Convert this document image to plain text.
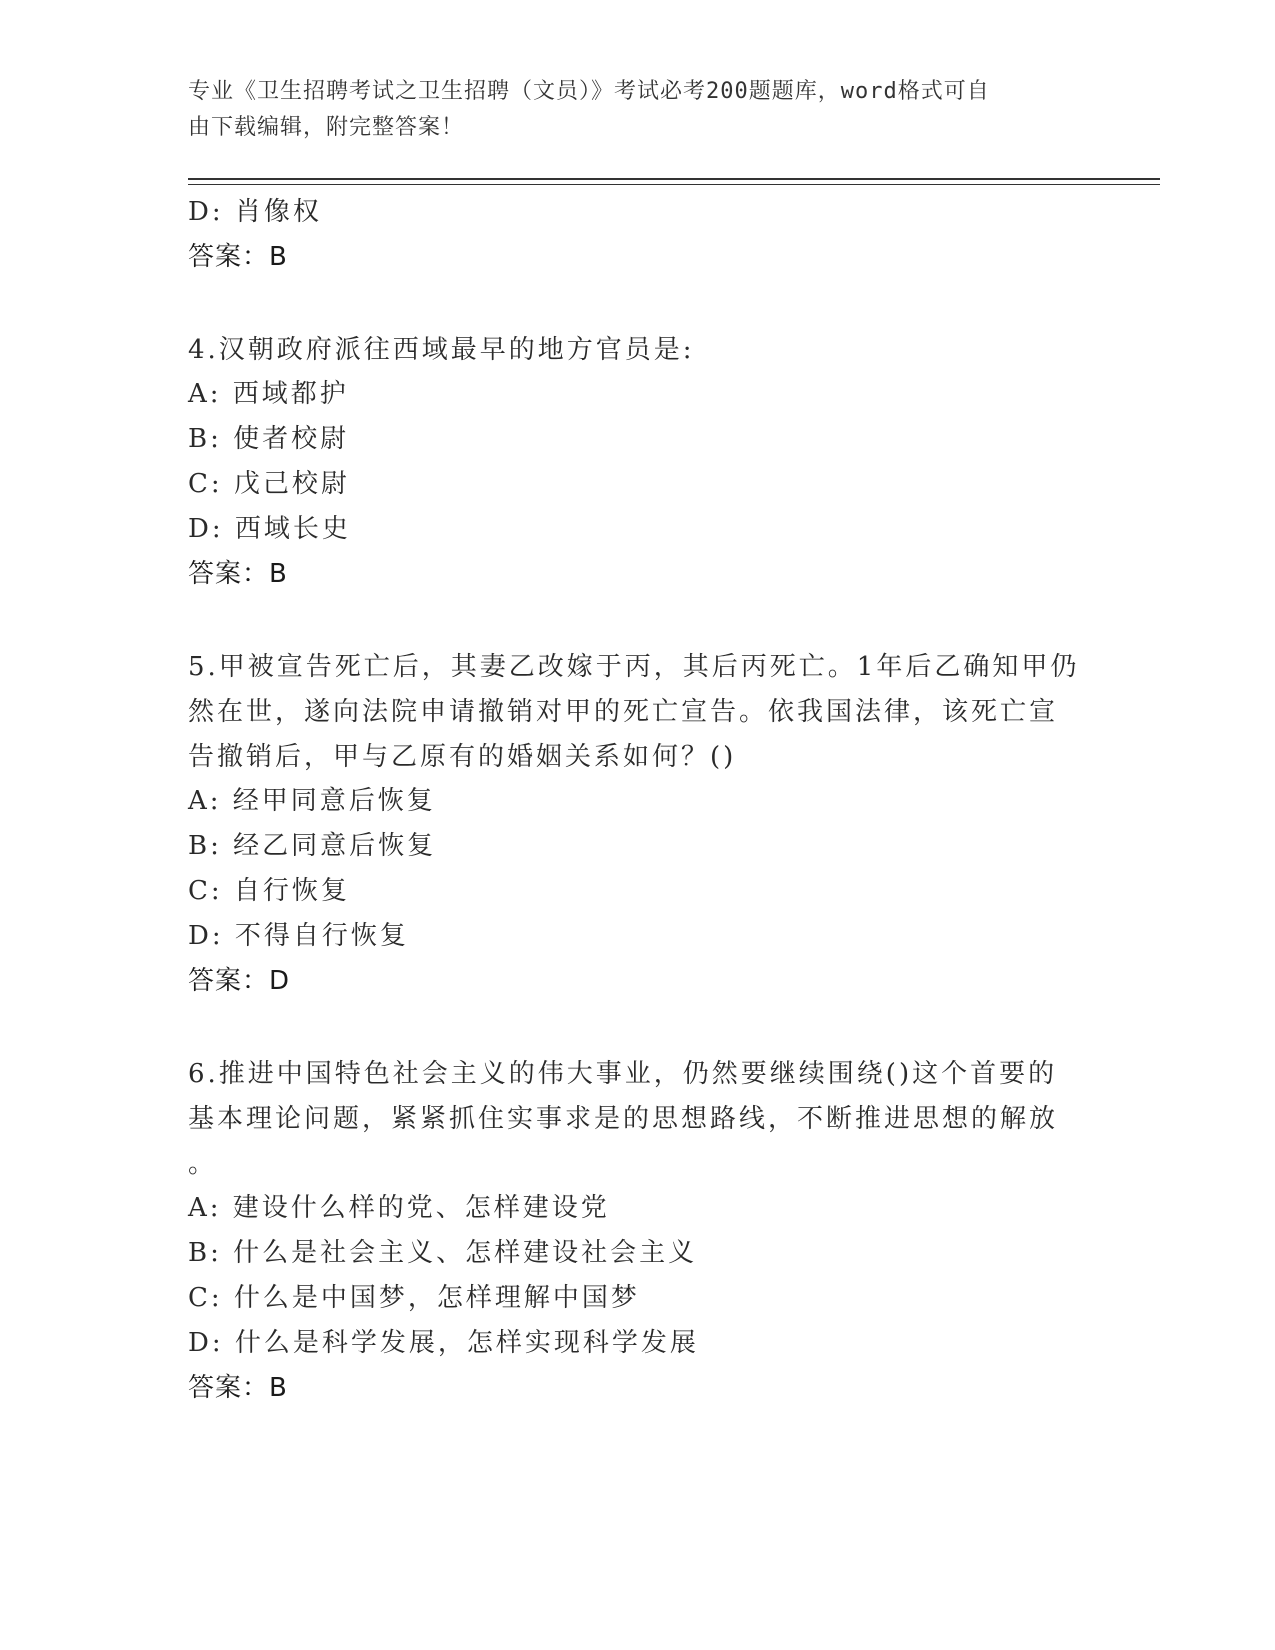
专业《卫生招聘考试之卫生招聘（文员）》考试必考200题题库，word格式可自
由下载编辑，附完整答案！
D: 肖像权
答案：B
4.汉朝政府派往西域最早的地方官员是:
A: 西域都护
B: 使者校尉
C: 戊己校尉
D: 西域长史
答案：B
5.甲被宣告死亡后，其妻乙改嫁于丙，其后丙死亡。1年后乙确知甲仍
然在世，遂向法院申请撤销对甲的死亡宣告。依我国法律，该死亡宣
告撤销后，甲与乙原有的婚姻关系如何？()
A: 经甲同意后恢复
B: 经乙同意后恢复
C: 自行恢复
D: 不得自行恢复
答案：D
6.推进中国特色社会主义的伟大事业，仍然要继续围绕()这个首要的
基本理论问题，紧紧抓住实事求是的思想路线，不断推进思想的解放
。
A: 建设什么样的党、怎样建设党
B: 什么是社会主义、怎样建设社会主义
C: 什么是中国梦，怎样理解中国梦
D: 什么是科学发展，怎样实现科学发展
答案：B
